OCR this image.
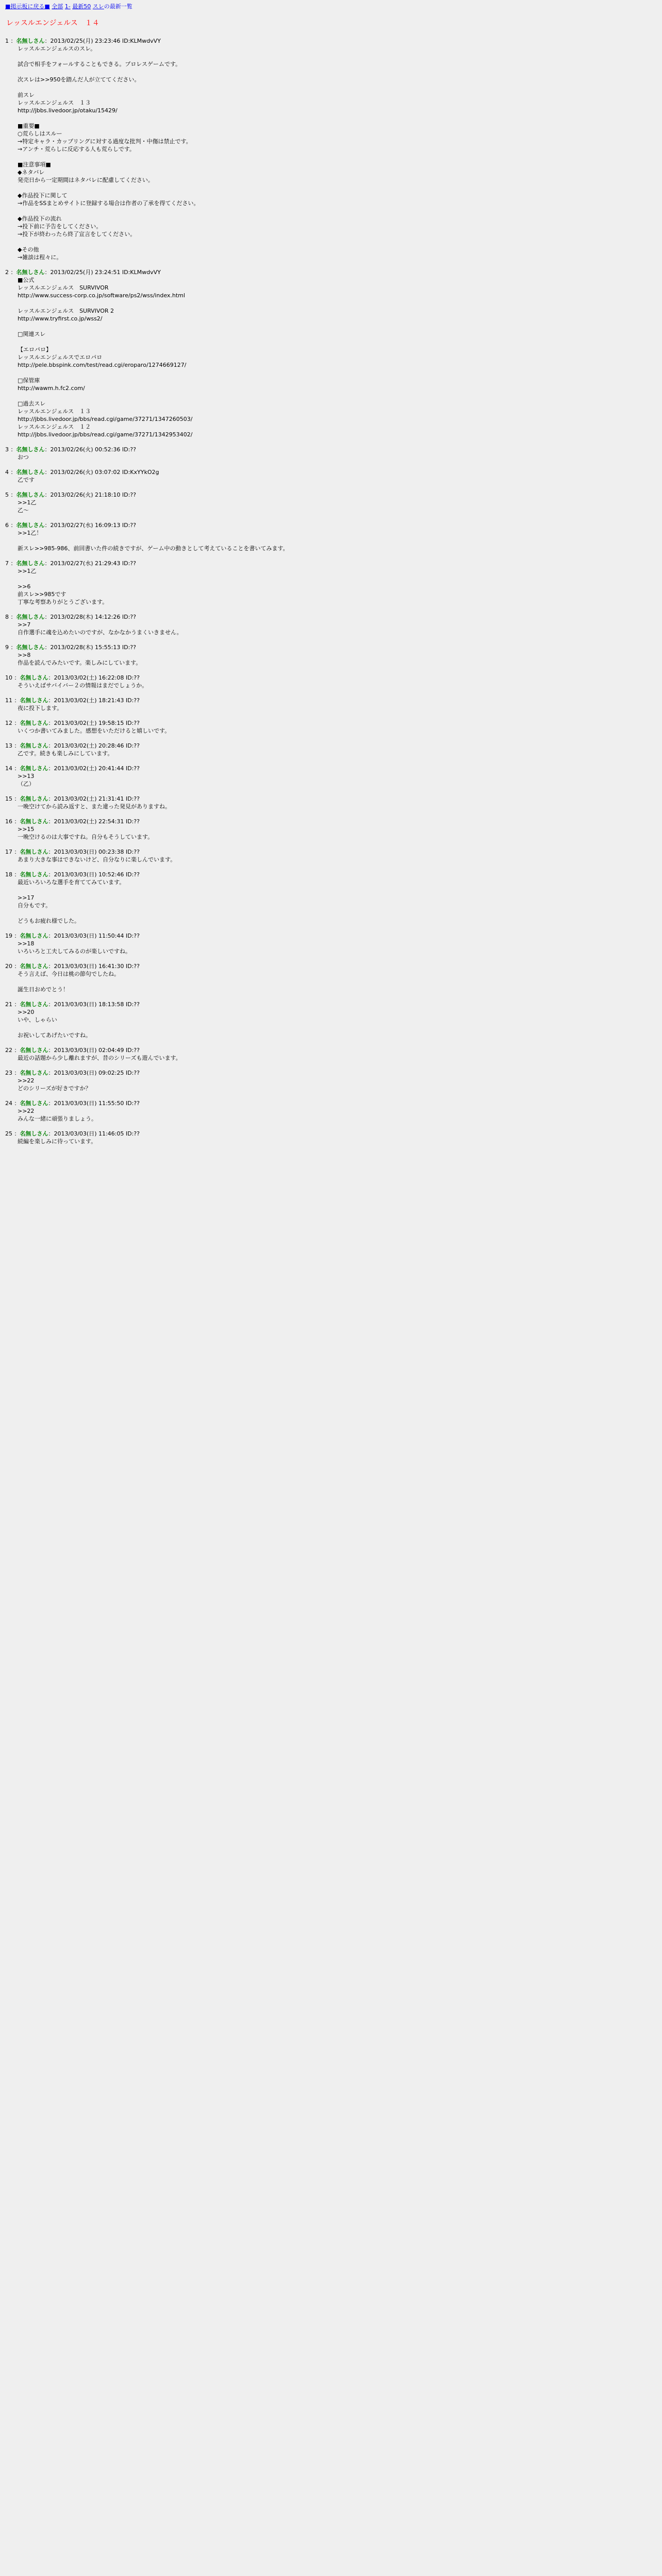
■掲示板に戻る■ 全部 1- 最新50 スレの最新一覧
レッスルエンジェルス　１４
1 ：名無しさん：2013/02/25(月) 23:23:46 ID:KLMwdvVY
レッスルエンジェルスのスレ。

試合で相手をフォールすることもできる。プロレスゲームです。

次スレは>>950を踏んだ人が立ててください。

前スレ
レッスルエンジェルス　１３
http://jbbs.livedoor.jp/otaku/15429/

■重要■
○荒らしはスルー
→特定キャラ・カップリングに対する過度な批判・中傷は禁止です。
→アンチ・荒らしに反応する人も荒らしです。

■注意事項■
◆ネタバレ
発売日から一定期間はネタバレに配慮してください。

◆作品投下に関して
→作品をSSまとめサイトに登録する場合は作者の了承を得てください。

◆作品投下の流れ
→投下前に予告をしてください。
→投下が終わったら終了宣言をしてください。

◆その他
→雑談は程々に。
2 ：名無しさん：2013/02/25(月) 23:24:51 ID:KLMwdvVY
■公式
レッスルエンジェルス　SURVIVOR
http://www.success-corp.co.jp/software/ps2/wss/index.html

レッスルエンジェルス　SURVIVOR 2
http://www.tryfirst.co.jp/wss2/

□関連スレ

【エロパロ】
レッスルエンジェルスでエロパロ
http://pele.bbspink.com/test/read.cgi/eroparo/1274669127/

□保管庫
http://wawm.h.fc2.com/

□過去スレ
レッスルエンジェルス　１３
http://jbbs.livedoor.jp/bbs/read.cgi/game/37271/1347260503/
レッスルエンジェルス　１２
http://jbbs.livedoor.jp/bbs/read.cgi/game/37271/1342953402/
3 ：名無しさん：2013/02/26(火) 00:52:36 ID:??
おつ
4 ：名無しさん：2013/02/26(火) 03:07:02 ID:KxYYkO2g
乙です
5 ：名無しさん：2013/02/26(火) 21:18:10 ID:??
>>1乙
乙～
6 ：名無しさん：2013/02/27(水) 16:09:13 ID:??
>>1乙！

新スレ>>985-986、前回書いた件の続きですが、ゲーム中の動きとして考えていることを書いてみます。
7 ：名無しさん：2013/02/27(水) 21:29:43 ID:??
>>1乙

>>6
前スレ>>985です
丁寧な考察ありがとうございます。
8 ：名無しさん：2013/02/28(木) 14:12:26 ID:??
>>7
自作選手に魂を込めたいのですが、なかなかうまくいきません。
9 ：名無しさん：2013/02/28(木) 15:55:13 ID:??
>>8
作品を読んでみたいです。楽しみにしています。
10 ：名無しさん：2013/03/02(土) 16:22:08 ID:??
そういえばサバイバー２の情報はまだでしょうか。
11 ：名無しさん：2013/03/02(土) 18:21:43 ID:??
夜に投下します。
12 ：名無しさん：2013/03/02(土) 19:58:15 ID:??
いくつか書いてみました。感想をいただけると嬉しいです。
13 ：名無しさん：2013/03/02(土) 20:28:46 ID:??
乙です。続きも楽しみにしています。
14 ：名無しさん：2013/03/02(土) 20:41:44 ID:??
>>13
（乙）
15 ：名無しさん：2013/03/02(土) 21:31:41 ID:??
一晩空けてから読み返すと、また違った発見がありますね。
16 ：名無しさん：2013/03/02(土) 22:54:31 ID:??
>>15
一晩空けるのは大事ですね。自分もそうしています。
17 ：名無しさん：2013/03/03(日) 00:23:38 ID:??
あまり大きな事はできないけど、自分なりに楽しんでいます。
18 ：名無しさん：2013/03/03(日) 10:52:46 ID:??
最近いろいろな選手を育ててみています。

>>17
自分もです。

どうもお疲れ様でした。
19 ：名無しさん：2013/03/03(日) 11:50:44 ID:??
>>18
いろいろと工夫してみるのが楽しいですね。
20 ：名無しさん：2013/03/03(日) 16:41:30 ID:??
そう言えば、今日は桃の節句でしたね。

誕生日おめでとう！
21 ：名無しさん：2013/03/03(日) 18:13:58 ID:??
>>20
いや、しゃらい

お祝いしてあげたいですね。
22 ：名無しさん：2013/03/03(日) 02:04:49 ID:??
最近の話題から少し離れますが、昔のシリーズも遊んでいます。
23 ：名無しさん：2013/03/03(日) 09:02:25 ID:??
>>22
どのシリーズが好きですか？
24 ：名無しさん：2013/03/03(日) 11:55:50 ID:??
>>22
みんな一緒に頑張りましょう。
25 ：名無しさん：2013/03/03(日) 11:46:05 ID:??
続編を楽しみに待っています。
